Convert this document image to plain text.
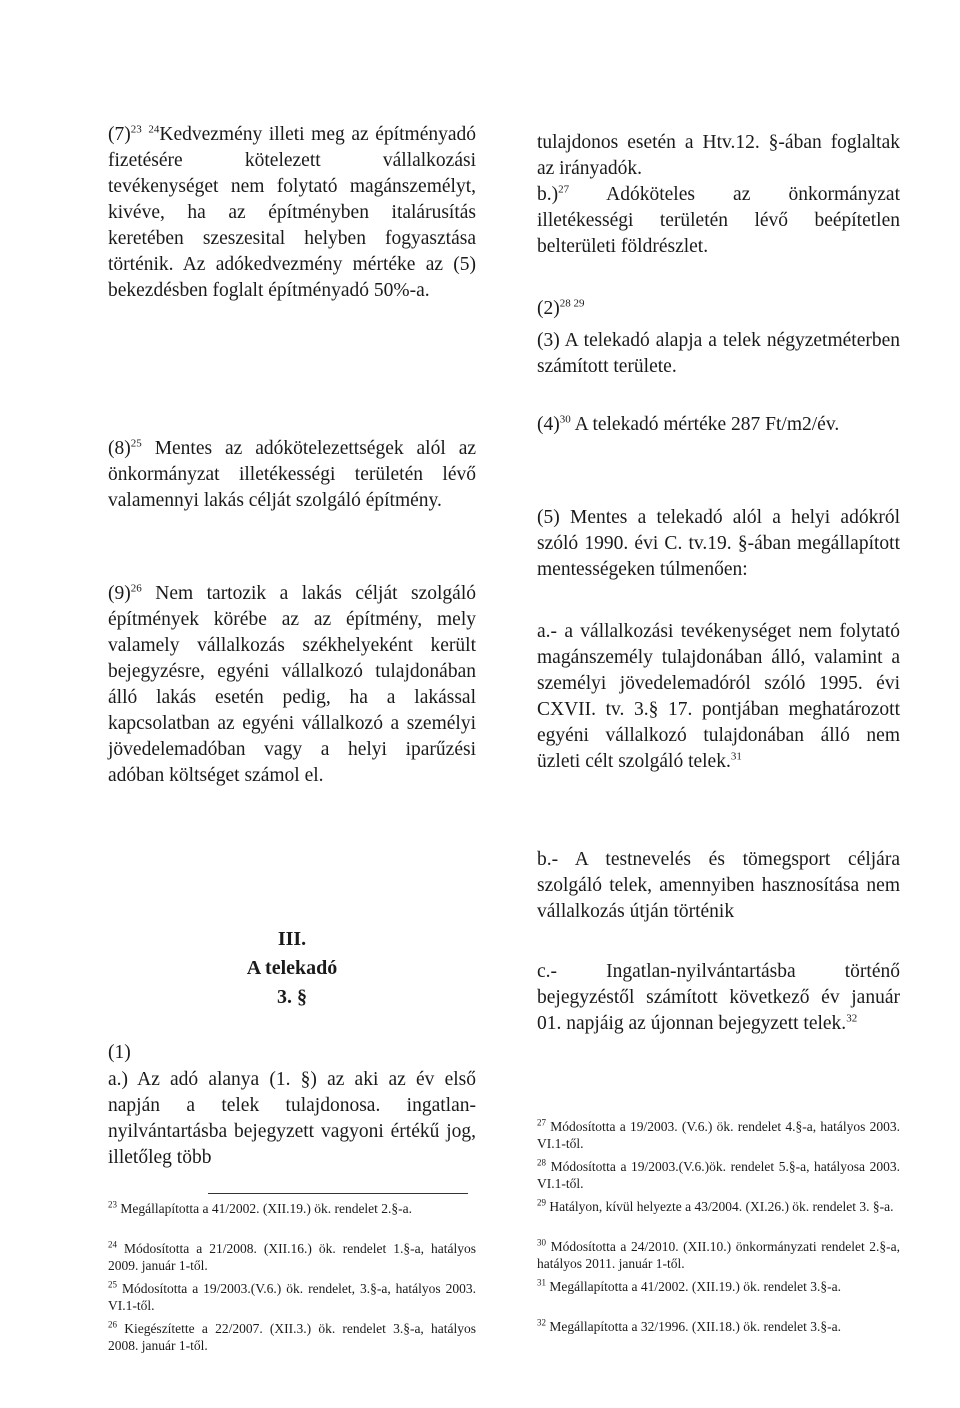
$(7)^{23}$ $^{24}$Kedvezmény illeti meg az építményadó fizetésére kötelezett vállalkozási tevékenységet nem folytató magánszemélyt, kivéve, ha az építményben italárusítás keretében szeszesital helyben fogyasztása történik. Az adókedvezmény mértéke az (5) bekezdésben foglalt építményadó 50%-a.
$(8)^{25}$ Mentes az adókötelezettségek alól az önkormányzat illetékességi területén lévő valamennyi lakás célját szolgáló építmény.
$(9)^{26}$ Nem tartozik a lakás célját szolgáló építmények körébe az az építmény, mely valamely vállalkozás székhelyeként került bejegyzésre, egyéni vállalkozó tulajdonában álló lakás esetén pedig, ha a lakással kapcsolatban az egyéni vállalkozó a személyi jövedelemadóban vagy a helyi iparűzési adóban költséget számol el.
III.
A telekadó
3. §
(1)
a.) Az adó alanya (1. §) az aki az év első napján a telek tulajdonosa. ingatlan-nyilvántartásba bejegyzett vagyoni értékű jog, illetőleg több
$^{23}$ Megállapította a 41/2002. (XII.19.) ök. rendelet 2.§-a.
$^{24}$ Módosította a 21/2008. (XII.16.) ök. rendelet 1.§-a, hatályos 2009. január 1-től.
$^{25}$ Módosította a 19/2003.(V.6.) ök. rendelet, 3.§-a, hatályos 2003. VI.1-től.
$^{26}$ Kiegészítette a 22/2007. (XII.3.) ök. rendelet 3.§-a, hatályos 2008. január 1-től.
tulajdonos esetén a Htv.12. §-ában foglaltak az irányadók.
b.)$^{27}$ Adóköteles az önkormányzat illetékességi területén lévő beépítetlen belterületi földrészlet.
$(2)^{28 29}$
(3) A telekadó alapja a telek négyzetméterben számított területe.
$(4)^{30}$ A telekadó mértéke 287 Ft/m2/év.
(5) Mentes a telekadó alól a helyi adókról szóló 1990. évi C. tv.19. §-ában megállapított mentességeken túlmenően:
a.- a vállalkozási tevékenységet nem folytató magánszemély tulajdonában álló, valamint a személyi jövedelemadóról szóló 1995. évi CXVII. tv. 3.§ 17. pontjában meghatározott egyéni vállalkozó tulajdonában álló nem üzleti célt szolgáló telek.$^{31}$
b.- A testnevelés és tömegsport céljára szolgáló telek, amennyiben hasznosítása nem vállalkozás útján történik
c.- Ingatlan-nyilvántartásba történő bejegyzéstől számított következő év január 01. napjáig az újonnan bejegyzett telek.$^{32}$
$^{27}$ Módosította a 19/2003. (V.6.) ök. rendelet 4.§-a, hatályos 2003. VI.1-től.
$^{28}$ Módosította a 19/2003.(V.6.)ök. rendelet 5.§-a, hatályosa 2003. VI.1-től.
$^{29}$ Hatályon, kívül helyezte a 43/2004. (XI.26.) ök. rendelet 3. §-a.
$^{30}$ Módosította a 24/2010. (XII.10.) önkormányzati rendelet 2.§-a, hatályos 2011. január 1-től.
$^{31}$ Megállapította a 41/2002. (XII.19.) ök. rendelet 3.§-a.
$^{32}$ Megállapította a 32/1996. (XII.18.) ök. rendelet 3.§-a.
